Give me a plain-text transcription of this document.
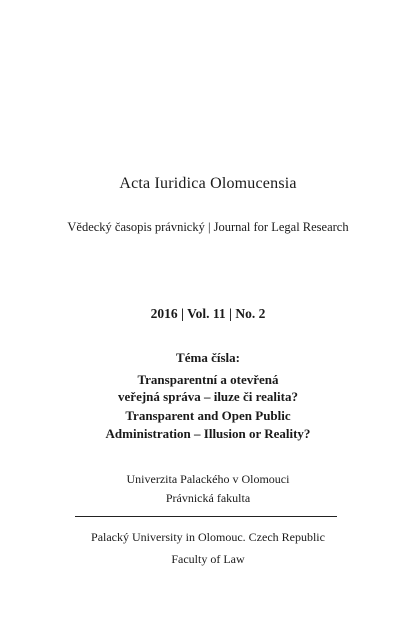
Acta Iuridica Olomucensia
Vědecký časopis právnický | Journal for Legal Research
2016 | Vol. 11 | No. 2
Téma čísla:
Transparentní a otevřená
veřejná správa – iluze či realita?
Transparent and Open Public
Administration – Illusion or Reality?
Univerzita Palackého v Olomouci
Právnická fakulta
Palacký University in Olomouc. Czech Republic
Faculty of Law
